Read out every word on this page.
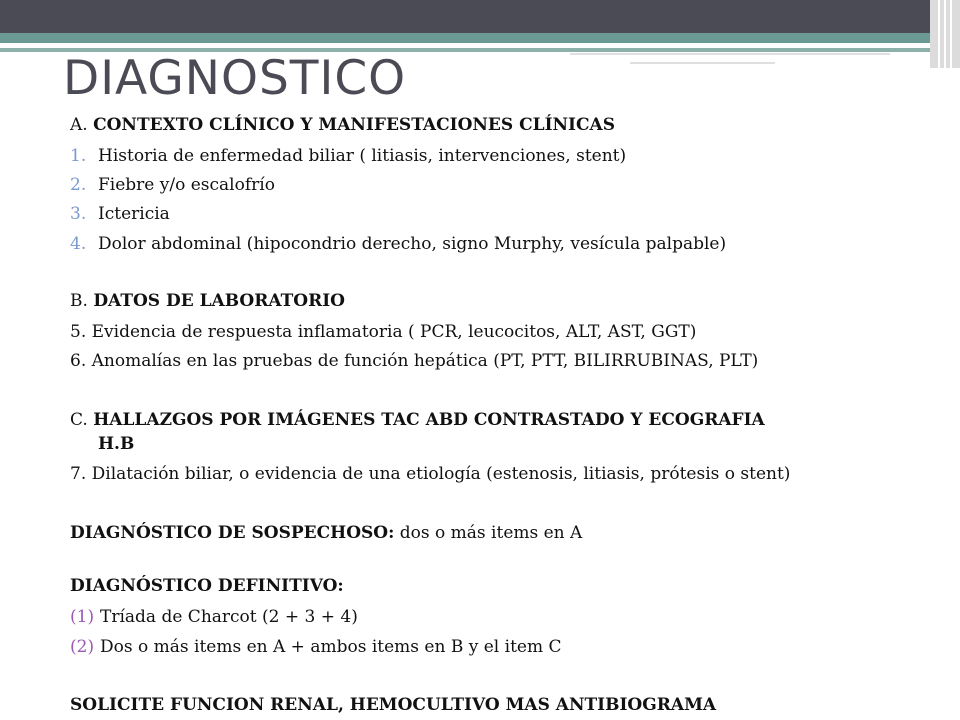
DIAGNOSTICO
A. CONTEXTO CLÍNICO Y MANIFESTACIONES CLÍNICAS
1. Historia de enfermedad biliar ( litiasis, intervenciones, stent)
2. Fiebre y/o escalofrío
3. Ictericia
4. Dolor abdominal (hipocondrio derecho, signo Murphy, vesícula palpable)
B. DATOS DE LABORATORIO
5. Evidencia de respuesta inflamatoria ( PCR, leucocitos, ALT, AST, GGT)
6. Anomalías en las pruebas de función hepática (PT, PTT, BILIRRUBINAS, PLT)
C. HALLAZGOS POR IMÁGENES TAC ABD CONTRASTADO Y ECOGRAFIA
H.B
7. Dilatación biliar, o evidencia de una etiología (estenosis, litiasis, prótesis o stent)
DIAGNÓSTICO DE SOSPECHOSO: dos o más items en A
DIAGNÓSTICO DEFINITIVO:
(1) Tríada de Charcot (2 + 3 + 4)
(2) Dos o más items en A + ambos items en B y el item C
SOLICITE FUNCION RENAL, HEMOCULTIVO MAS ANTIBIOGRAMA
